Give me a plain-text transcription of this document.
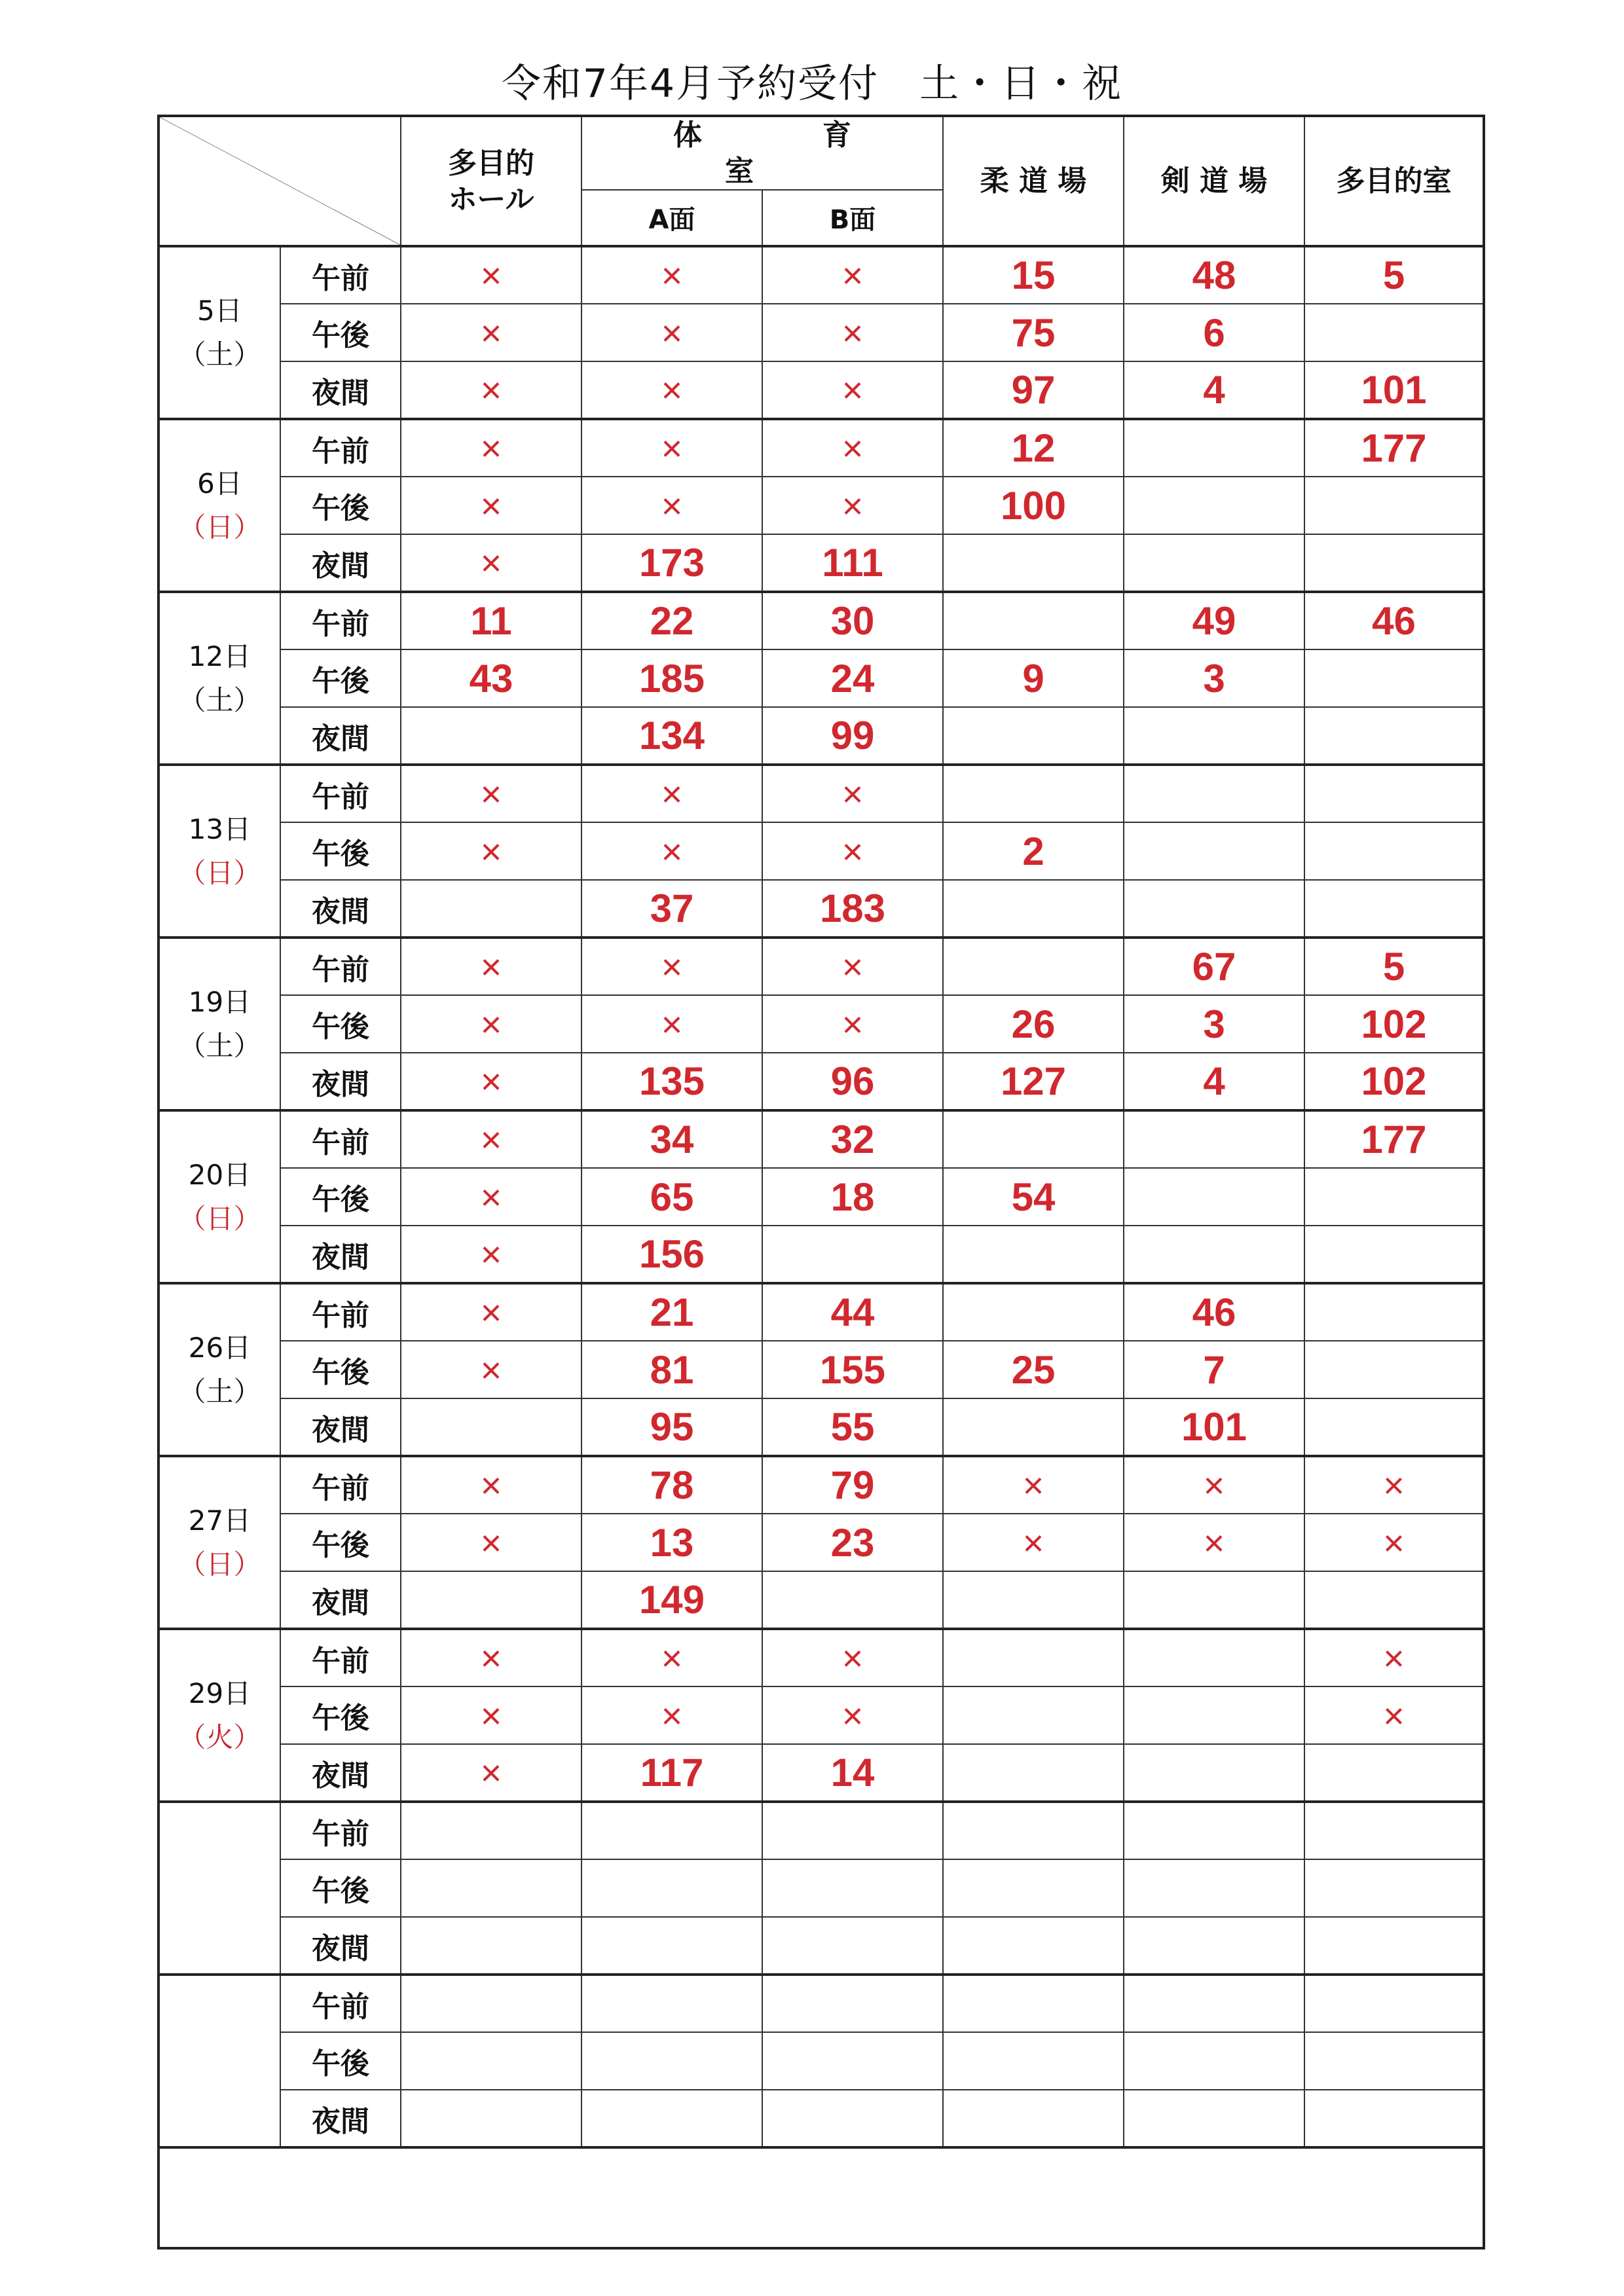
令和7年4月予約受付　土・日・祝

多目的
ホール	体　育　室		柔 道 場	剣 道 場	多目的室
			A面	B面			

5日
（土）	午前	×	×	×	15	48	5
	午後	×	×	×	75	6	
	夜間	×	×	×	97	4	101

6日
（日）	午前	×	×	×	12		177
	午後	×	×	×	100		
	夜間	×	173	111			

12日
（土）	午前	11	22	30		49	46
	午後	43	185	24	9	3	
	夜間		134	99			

13日
（日）	午前	×	×	×			
	午後	×	×	×	2		
	夜間		37	183			

19日
（土）	午前	×	×	×		67	5
	午後	×	×	×	26	3	102
	夜間	×	135	96	127	4	102

20日
（日）	午前	×	34	32			177
	午後	×	65	18	54		
	夜間	×	156				

26日
（土）	午前	×	21	44		46	
	午後	×	81	155	25	7	
	夜間		95	55		101	

27日
（日）	午前	×	78	79	×	×	×
	午後	×	13	23	×	×	×
	夜間		149				

29日
（火）	午前	×	×	×			×
	午後	×	×	×			×
	夜間	×	117	14			

	午前						
	午後						
	夜間						

	午前						
	午後						
	夜間						
